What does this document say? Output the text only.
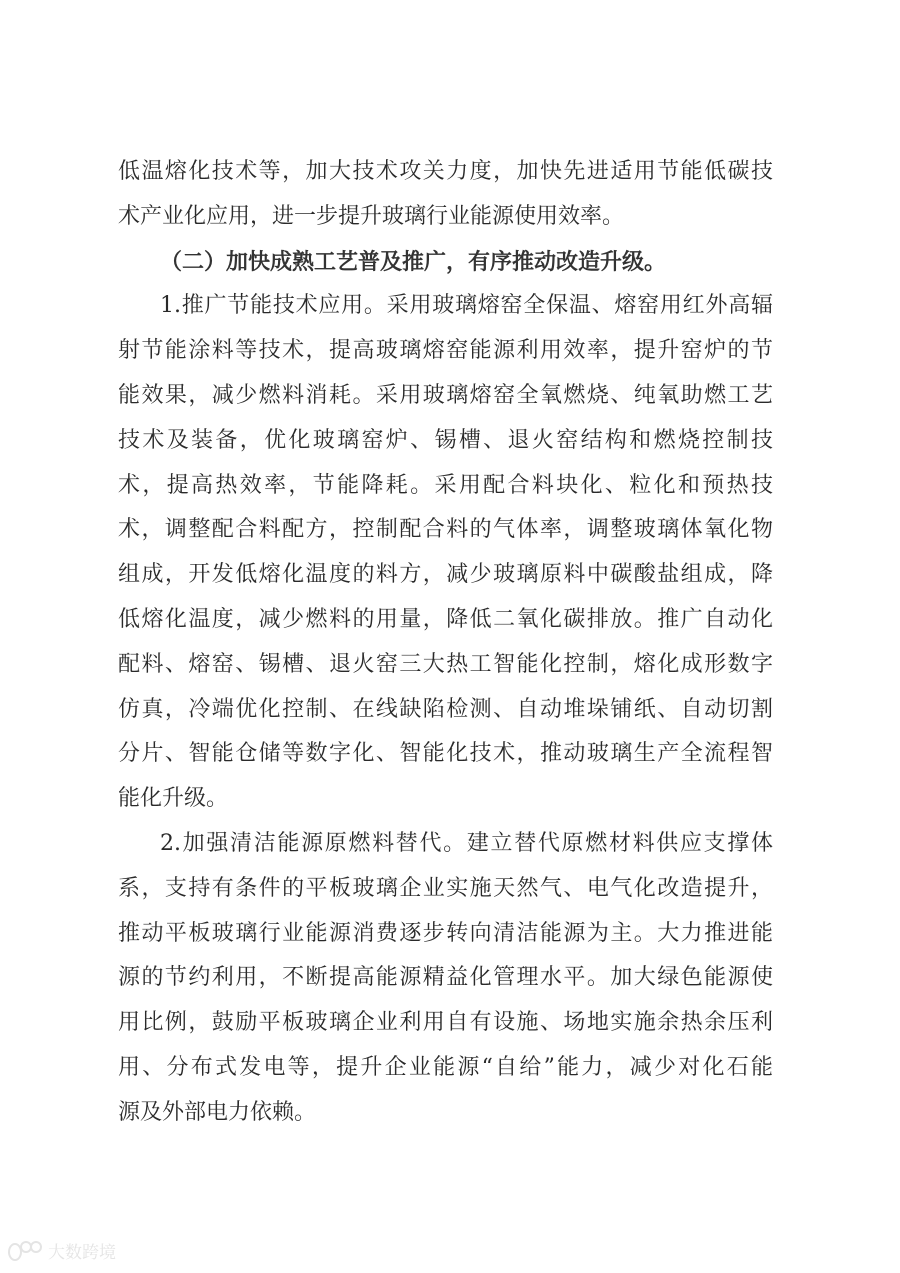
低温熔化技术等，加大技术攻关力度，加快先进适用节能低碳技
术产业化应用，进一步提升玻璃行业能源使用效率。
（二）加快成熟工艺普及推广，有序推动改造升级。
1.推广节能技术应用。采用玻璃熔窑全保温、熔窑用红外高辐
射节能涂料等技术，提高玻璃熔窑能源利用效率，提升窑炉的节
能效果，减少燃料消耗。采用玻璃熔窑全氧燃烧、纯氧助燃工艺
技术及装备，优化玻璃窑炉、锡槽、退火窑结构和燃烧控制技
术，提高热效率，节能降耗。采用配合料块化、粒化和预热技
术，调整配合料配方，控制配合料的气体率，调整玻璃体氧化物
组成，开发低熔化温度的料方，减少玻璃原料中碳酸盐组成，降
低熔化温度，减少燃料的用量，降低二氧化碳排放。推广自动化
配料、熔窑、锡槽、退火窑三大热工智能化控制，熔化成形数字
仿真，冷端优化控制、在线缺陷检测、自动堆垛铺纸、自动切割
分片、智能仓储等数字化、智能化技术，推动玻璃生产全流程智
能化升级。
2.加强清洁能源原燃料替代。建立替代原燃材料供应支撑体
系，支持有条件的平板玻璃企业实施天然气、电气化改造提升，
推动平板玻璃行业能源消费逐步转向清洁能源为主。大力推进能
源的节约利用，不断提高能源精益化管理水平。加大绿色能源使
用比例，鼓励平板玻璃企业利用自有设施、场地实施余热余压利
用、分布式发电等，提升企业能源“自给”能力，减少对化石能
源及外部电力依赖。
大数跨境
